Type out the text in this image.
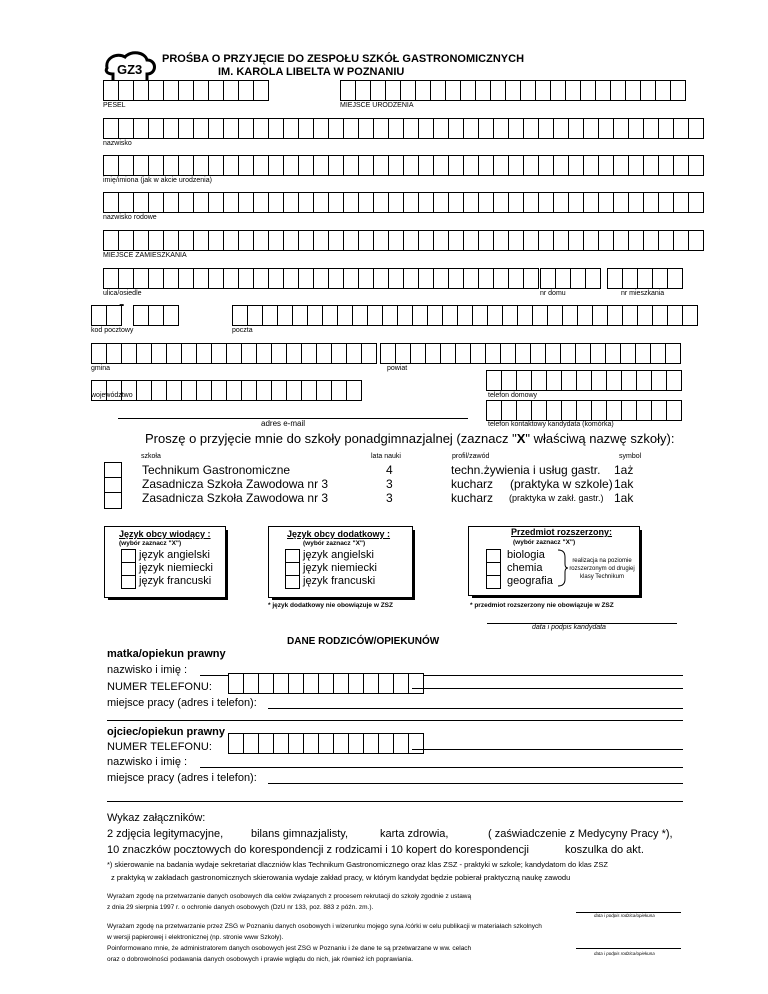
GZ3
PROŚBA O PRZYJĘCIE DO ZESPOŁU SZKÓŁ GASTRONOMICZNYCH
IM. KAROLA LIBELTA W POZNANIU
PESEL	MIEJSCE URODZENIA
nazwisko
imię/imiona (jak w akcie urodzenia)
nazwisko rodowe
MIEJSCE ZAMIESZKANIA
ulica/osiedle	nr domu	nr mieszkania
-
kod pocztowy	poczta
gmina	powiat
województwo	telefon domowy
adres e-mail	telefon kontaktowy kandydata (komórka)
Proszę o przyjęcie mnie do szkoły ponadgimnazjalnej (zaznacz "X" właściwą nazwę szkoły):
szkoła	lata nauki	profil/zawód	symbol
Technikum Gastronomiczne	4	techn.żywienia i usług gastr. 1aż
Zasadnicza Szkoła Zawodowa nr 3	3	kucharz (praktyka w szkole) 1ak
Zasadnicza Szkoła Zawodowa nr 3	3	kucharz (praktyka w zakł. gastr.) 1ak
Język obcy wiodący :
(wybór zaznacz "X")
język angielski
język niemiecki
język francuski
Język obcy dodatkowy :
(wybór zaznacz "X")
język angielski
język niemiecki
język francuski
* język dodatkowy nie obowiązuje w ZSZ
Przedmiot rozszerzony:
(wybór zaznacz "X")
biologia
chemia
geografia
realizacja na poziomie rozszerzonym od drugiej klasy Technikum
* przedmiot rozszerzony nie obowiązuje w ZSZ
data i podpis kandydata
DANE RODZICÓW/OPIEKUNÓW
matka/opiekun prawny
nazwisko i imię :
NUMER TELEFONU:
miejsce pracy (adres i telefon):
ojciec/opiekun prawny
NUMER TELEFONU:
nazwisko i imię :
miejsce pracy (adres i telefon):
Wykaz załączników:
2 zdjęcia legitymacyjne,	bilans gimnazjalisty,	karta zdrowia,	( zaświadczenie z Medycyny Pracy *),
10 znaczków pocztowych do korespondencji z rodzicami i 10 kopert do korespondencji	koszulka do akt.
*) skierowanie na badania wydaje sekretariat dlaczniów klas Technikum Gastronomicznego oraz klas ZSZ - praktyki w szkole; kandydatom do klas ZSZ
z praktyką w zakładach gastronomicznych skierowania wydaje zakład pracy, w którym kandydat będzie pobierał praktyczną naukę zawodu
Wyrażam zgodę na przetwarzanie danych osobowych dla celów związanych z procesem rekrutacji do szkoły zgodnie z ustawą
z dnia 29 sierpnia 1997 r. o ochronie danych osobowych (DzU nr 133, poz. 883 z późn. zm.).
data i podpis rodzica/opiekuna
Wyrażam zgodę na przetwarzanie przez ZSG w Poznaniu danych osobowych i wizerunku mojego syna /córki w celu publikacji w materiałach szkolnych
w wersji papierowej i elektronicznej (np. stronie www Szkoły).
Poinformowano mnie, że administratorem danych osobowych jest ZSG w Poznaniu i że dane te są przetwarzane w ww. celach
oraz o dobrowolności podawania danych osobowych i prawie wglądu do nich, jak również ich poprawiania.
data i podpis rodzica/opiekuna
